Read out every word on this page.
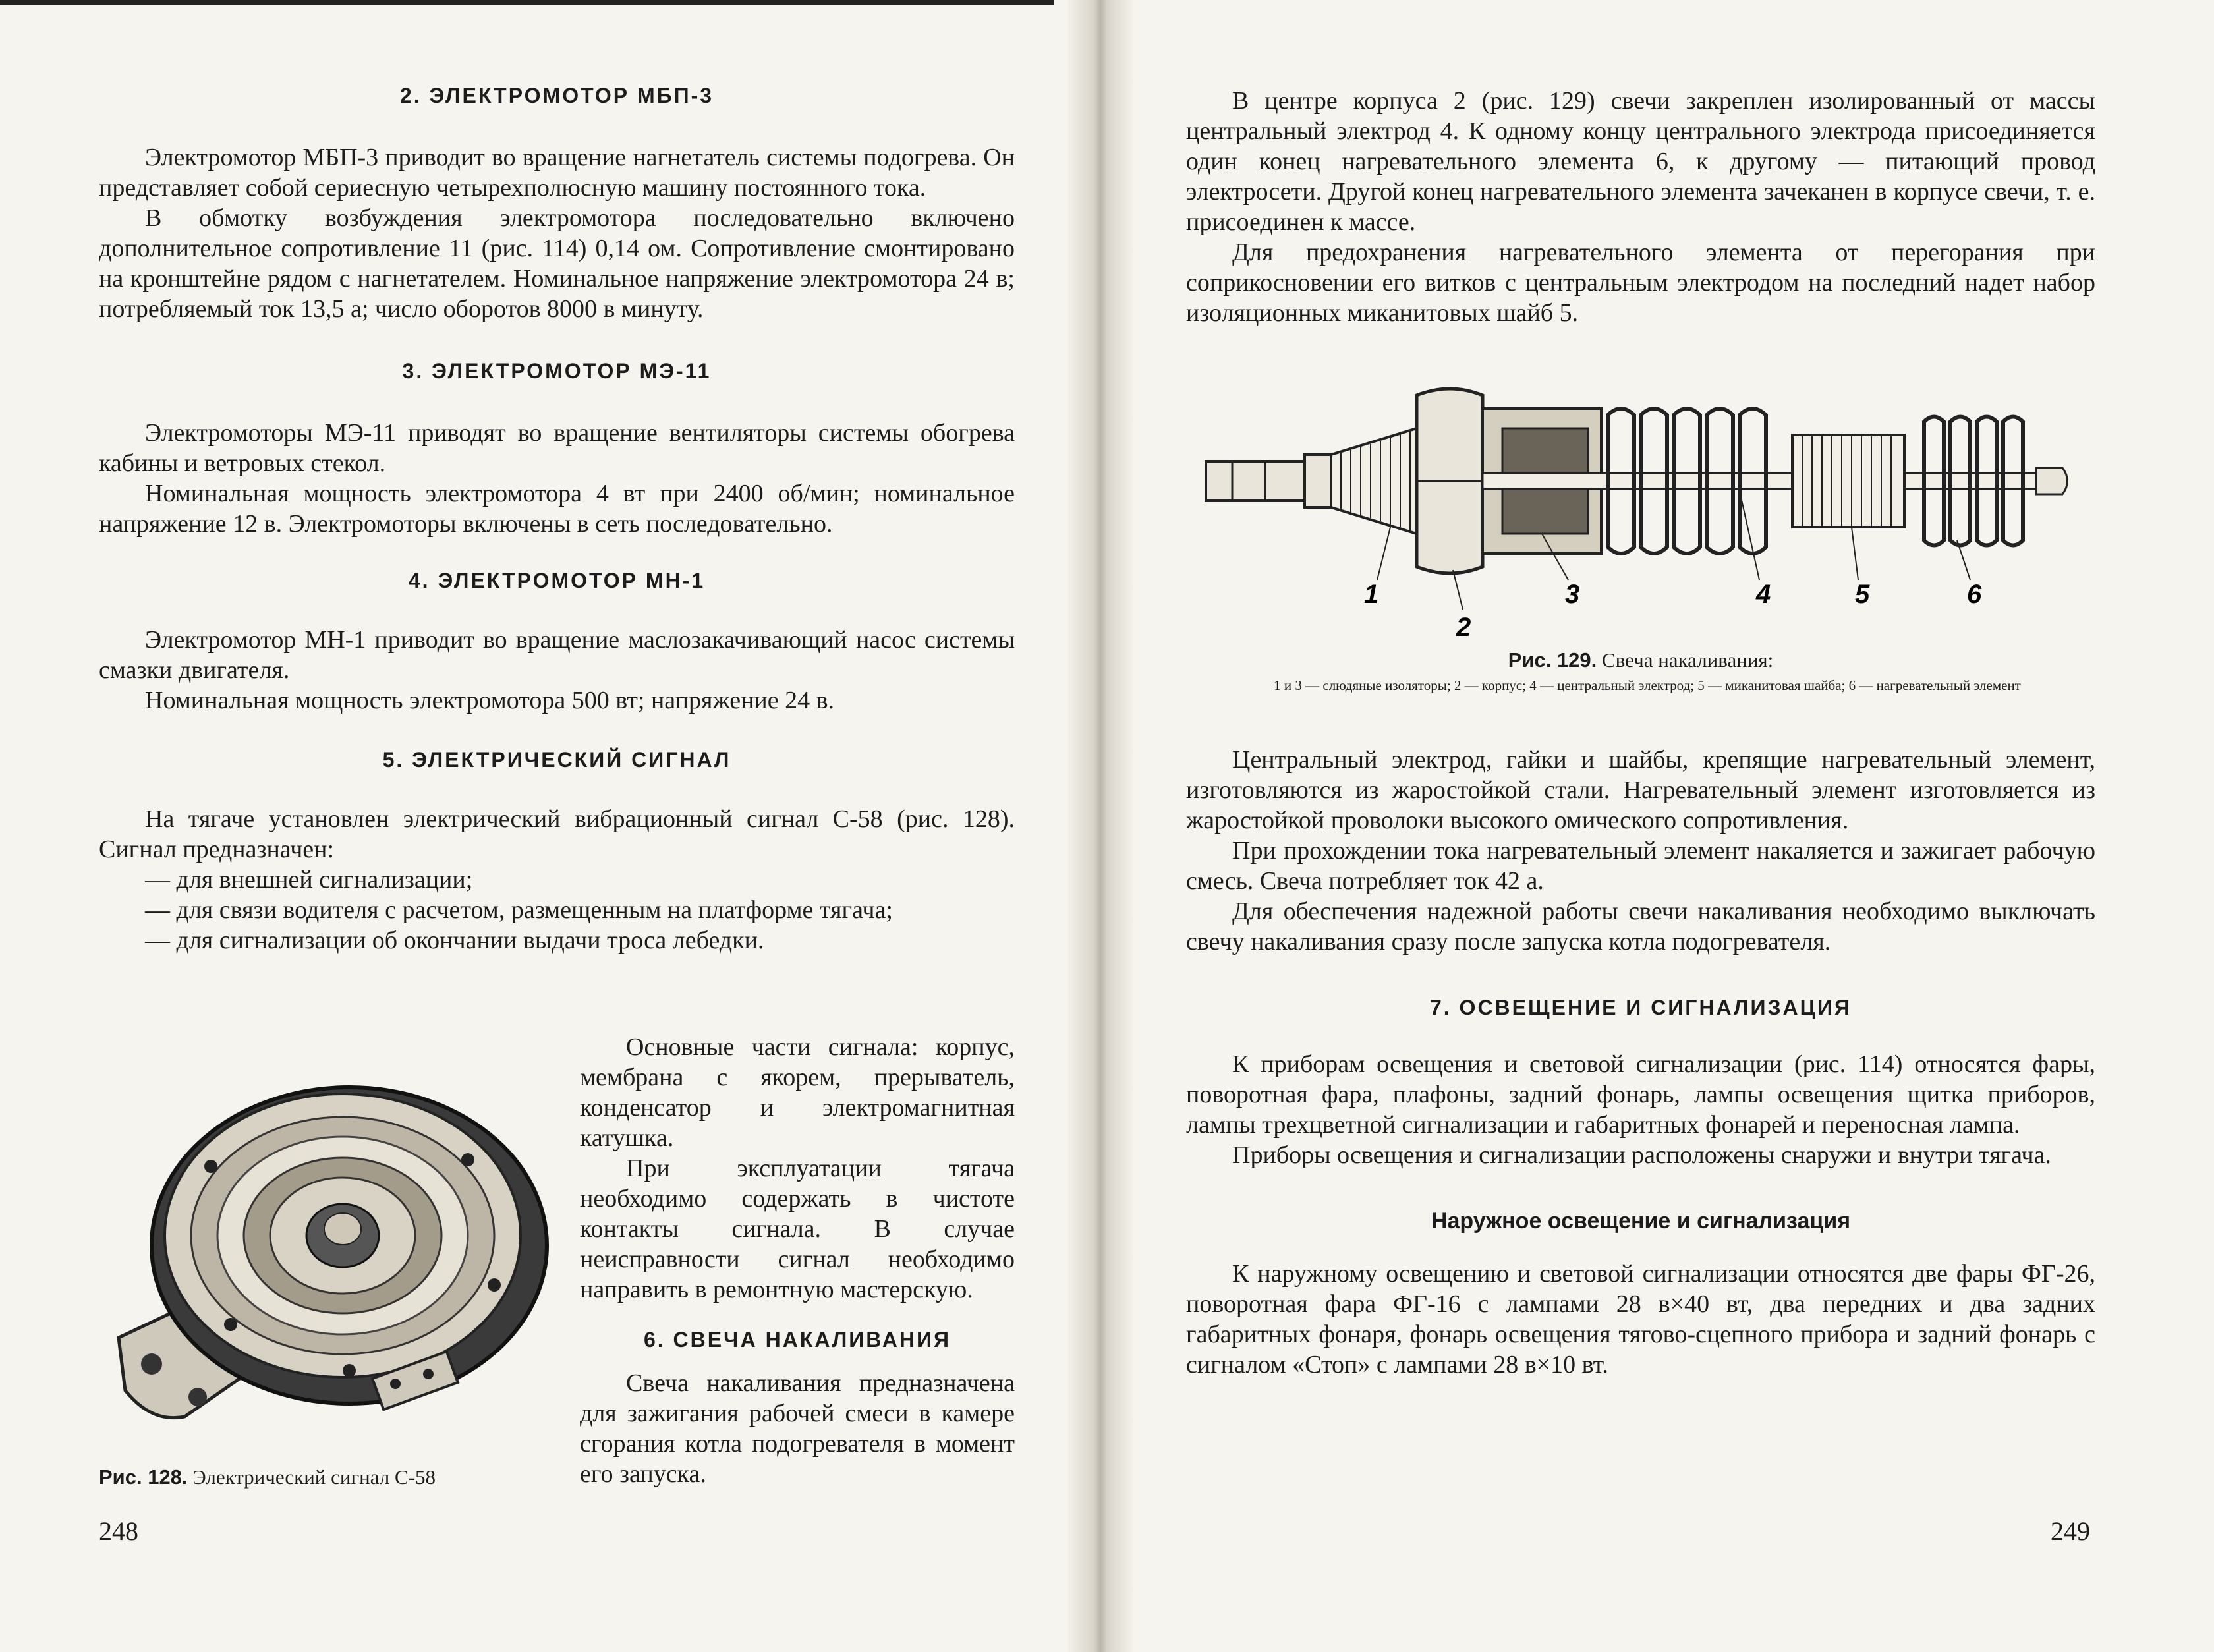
2. ЭЛЕКТРОМОТОР МБП-3

Электромотор МБП-3 приводит во вращение нагнетатель системы подогрева. Он представляет собой сериесную четырехполюсную машину постоянного тока.

В обмотку возбуждения электромотора последовательно включено дополнительное сопротивление 11 (рис. 114) 0,14 ом. Сопротивление смонтировано на кронштейне рядом с нагнетателем. Номинальное напряжение электромотора 24 в; потребляемый ток 13,5 а; число оборотов 8000 в минуту.

3. ЭЛЕКТРОМОТОР МЭ-11

Электромоторы МЭ-11 приводят во вращение вентиляторы системы обогрева кабины и ветровых стекол.

Номинальная мощность электромотора 4 вт при 2400 об/мин; номинальное напряжение 12 в. Электромоторы включены в сеть последовательно.

4. ЭЛЕКТРОМОТОР МН-1

Электромотор МН-1 приводит во вращение маслозакачивающий насос системы смазки двигателя.

Номинальная мощность электромотора 500 вт; напряжение 24 в.

5. ЭЛЕКТРИЧЕСКИЙ СИГНАЛ

На тягаче установлен электрический вибрационный сигнал С-58 (рис. 128). Сигнал предназначен:

— для внешней сигнализации;

— для связи водителя с расчетом, размещенным на платформе тягача;

— для сигнализации об окончании выдачи троса лебедки.

Рис. 128. Электрический сигнал С-58

Основные части сигнала: корпус, мембрана с якорем, прерыватель, конденсатор и электромагнитная катушка.

При эксплуатации тягача необходимо содержать в чистоте контакты сигнала. В случае неисправности сигнал необходимо направить в ремонтную мастерскую.

6. СВЕЧА НАКАЛИВАНИЯ

Свеча накаливания предназначена для зажигания рабочей смеси в камере сгорания котла подогревателя в момент его запуска.

248

В центре корпуса 2 (рис. 129) свечи закреплен изолированный от массы центральный электрод 4. К одному концу центрального электрода присоединяется один конец нагревательного элемента 6, к другому — питающий провод электросети. Другой конец нагревательного элемента зачеканен в корпусе свечи, т. е. присоединен к массе.

Для предохранения нагревательного элемента от перегорания при соприкосновении его витков с центральным электродом на последний надет набор изоляционных миканитовых шайб 5.

1
2
3	4	5	6
Рис. 129. Свеча накаливания:
1 и 3 — слюдяные изоляторы; 2 — корпус; 4 — центральный электрод; 5 — миканитовая шайба; 6 — нагревательный элемент

Центральный электрод, гайки и шайбы, крепящие нагревательный элемент, изготовляются из жаростойкой стали. Нагревательный элемент изготовляется из жаростойкой проволоки высокого омического сопротивления.

При прохождении тока нагревательный элемент накаляется и зажигает рабочую смесь. Свеча потребляет ток 42 а.

Для обеспечения надежной работы свечи накаливания необходимо выключать свечу накаливания сразу после запуска котла подогревателя.

7. ОСВЕЩЕНИЕ И СИГНАЛИЗАЦИЯ

К приборам освещения и световой сигнализации (рис. 114) относятся фары, поворотная фара, плафоны, задний фонарь, лампы освещения щитка приборов, лампы трехцветной сигнализации и габаритных фонарей и переносная лампа.

Приборы освещения и сигнализации расположены снаружи и внутри тягача.

Наружное освещение и сигнализация

К наружному освещению и световой сигнализации относятся две фары ФГ-26, поворотная фара ФГ-16 с лампами 28 в×40 вт, два передних и два задних габаритных фонаря, фонарь освещения тягово-сцепного прибора и задний фонарь с сигналом «Стоп» с лампами 28 в×10 вт.

249
